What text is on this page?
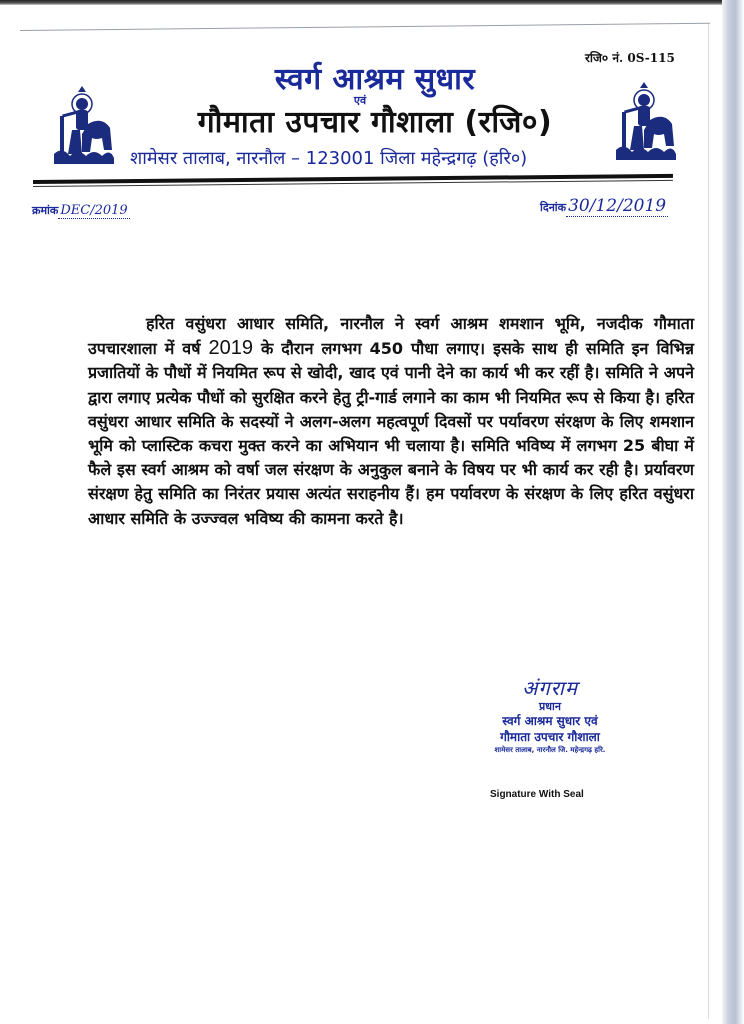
रजि० नं. 0S-115
स्वर्ग आश्रम सुधार
एवं
गौमाता उपचार गौशाला (रजि०)
शामेसर तालाब, नारनौल – 123001 जिला महेन्द्रगढ़ (हरि०)
क्रमांक DEC/2019	दिनांक 30/12/2019

हरित वसुंधरा आधार समिति, नारनौल ने स्वर्ग आश्रम शमशान भूमि, नजदीक गौमाता उपचारशाला में वर्ष 2019 के दौरान लगभग 450 पौधा लगाए। इसके साथ ही समिति इन विभिन्न प्रजातियों के पौधों में नियमित रूप से खोदी, खाद एवं पानी देने का कार्य भी कर रहीं है। समिति ने अपने द्वारा लगाए प्रत्येक पौधों को सुरक्षित करने हेतु ट्री-गार्ड लगाने का काम भी नियमित रूप से किया है। हरित वसुंधरा आधार समिति के सदस्यों ने अलग-अलग महत्वपूर्ण दिवसों पर पर्यावरण संरक्षण के लिए शमशान भूमि को प्लास्टिक कचरा मुक्त करने का अभियान भी चलाया है। समिति भविष्य में लगभग 25 बीघा में फैले इस स्वर्ग आश्रम को वर्षा जल संरक्षण के अनुकुल बनाने के विषय पर भी कार्य कर रही है। प्रर्यावरण संरक्षण हेतु समिति का निरंतर प्रयास अत्यंत सराहनीय हैं। हम पर्यावरण के संरक्षण के लिए हरित वसुंधरा आधार समिति के उज्ज्वल भविष्य की कामना करते है।

अंगराम
प्रधान
स्वर्ग आश्रम सुधार एवं
गौमाता उपचार गौशाला
शामेसर तालाब, नारनौल जि. महेन्द्रगढ़ हरि.
Signature With Seal
